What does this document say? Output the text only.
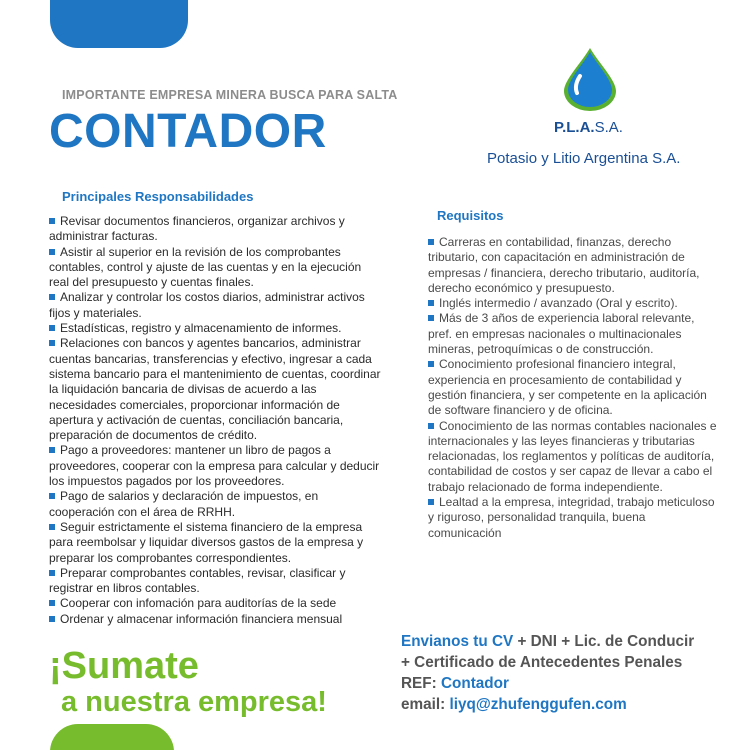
IMPORTANTE EMPRESA MINERA BUSCA PARA SALTA
CONTADOR	P.L.A.S.A.
Potasio y Litio Argentina S.A.
Principales Responsabilidades
Revisar documentos financieros, organizar archivos y administrar facturas.
Asistir al superior en la revisión de los comprobantes contables, control y ajuste de las cuentas y en la ejecución real del presupuesto y cuentas finales.
Analizar y controlar los costos diarios, administrar activos fijos y materiales.
Estadísticas, registro y almacenamiento de informes.
Relaciones con bancos y agentes bancarios, administrar cuentas bancarias, transferencias y efectivo, ingresar a cada sistema bancario para el mantenimiento de cuentas, coordinar la liquidación bancaria de divisas de acuerdo a las necesidades comerciales, proporcionar información de apertura y activación de cuentas, conciliación bancaria, preparación de documentos de crédito.
Pago a proveedores: mantener un libro de pagos a proveedores, cooperar con la empresa para calcular y deducir los impuestos pagados por los proveedores.
Pago de salarios y declaración de impuestos, en cooperación con el área de RRHH.
Seguir estrictamente el sistema financiero de la empresa para reembolsar y liquidar diversos gastos de la empresa y preparar los comprobantes correspondientes.
Preparar comprobantes contables, revisar, clasificar y registrar en libros contables.
Cooperar con infomación para auditorías de la sede
Ordenar y almacenar información financiera mensual
Requisitos
Carreras en contabilidad, finanzas, derecho tributario, con capacitación en administración de empresas / financiera, derecho tributario, auditoría, derecho económico y presupuesto.
Inglés intermedio / avanzado (Oral y escrito).
Más de 3 años de experiencia laboral relevante, pref. en empresas nacionales o multinacionales mineras, petroquímicas o de construcción.
Conocimiento profesional financiero integral, experiencia en procesamiento de contabilidad y gestión financiera, y ser competente en la aplicación de software financiero y de oficina.
Conocimiento de las normas contables nacionales e internacionales y las leyes financieras y tributarias relacionadas, los reglamentos y políticas de auditoría, contabilidad de costos y ser capaz de llevar a cabo el trabajo relacionado de forma independiente.
Lealtad a la empresa, integridad, trabajo meticuloso y riguroso, personalidad tranquila, buena comunicación
¡Sumate
a nuestra empresa!
Envianos tu CV + DNI + Lic. de Conducir
+ Certificado de Antecedentes Penales
REF: Contador
email: liyq@zhufenggufen.com
